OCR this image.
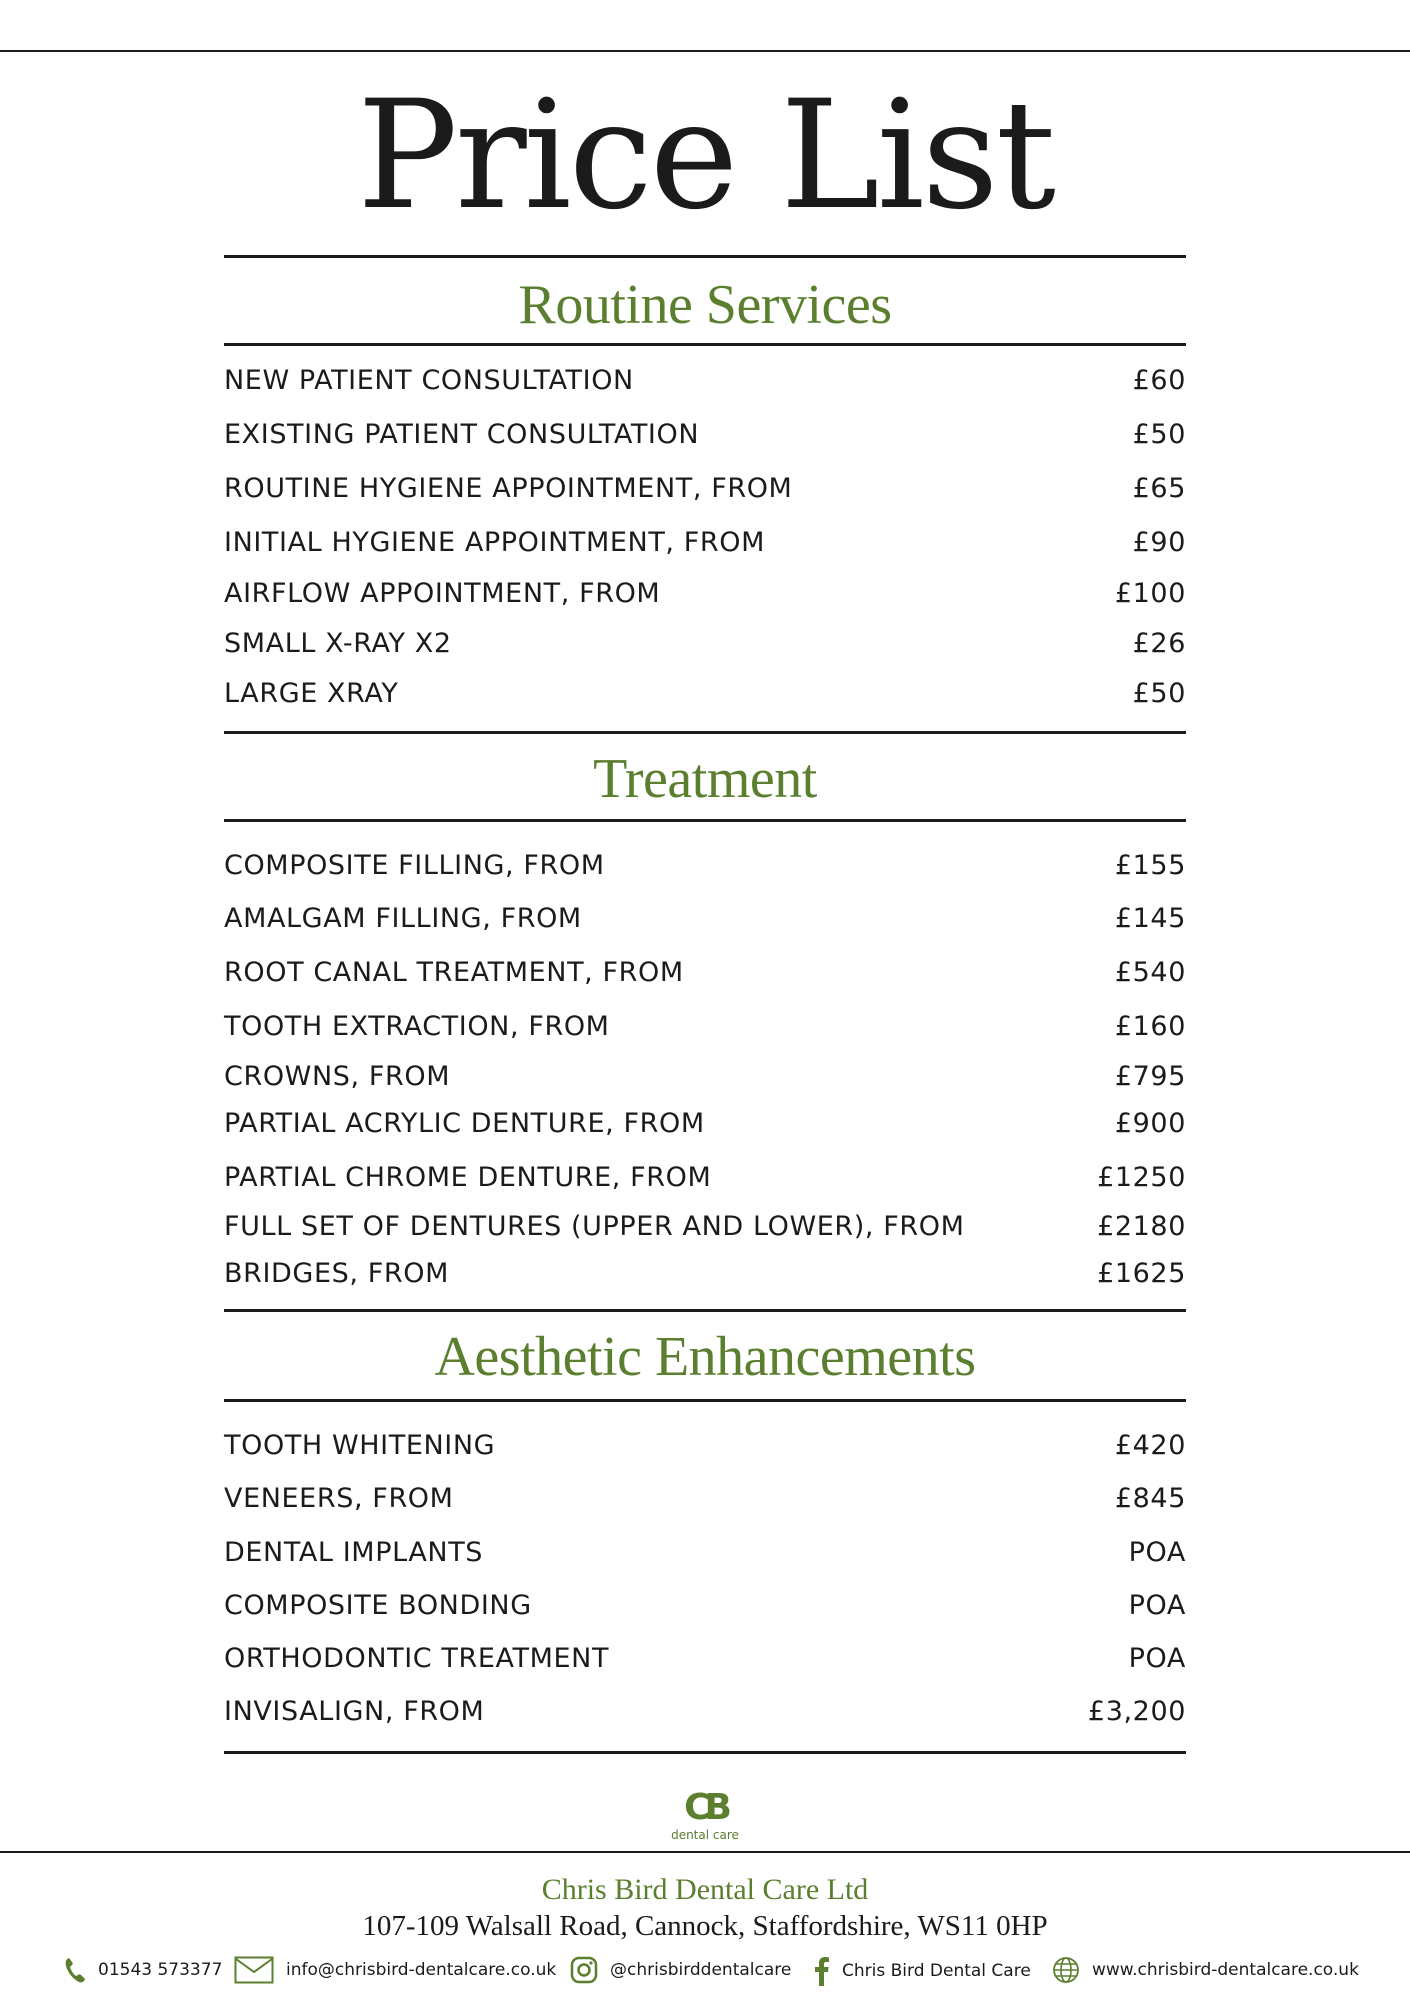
Price List
Routine Services
NEW PATIENT CONSULTATION	£60
EXISTING PATIENT CONSULTATION	£50
ROUTINE HYGIENE APPOINTMENT, FROM	£65
INITIAL HYGIENE APPOINTMENT, FROM	£90
AIRFLOW APPOINTMENT, FROM	£100
SMALL X-RAY X2	£26
LARGE XRAY	£50
Treatment
COMPOSITE FILLING, FROM	£155
AMALGAM FILLING, FROM	£145
ROOT CANAL TREATMENT, FROM	£540
TOOTH EXTRACTION, FROM	£160
CROWNS, FROM	£795
PARTIAL ACRYLIC DENTURE, FROM	£900
PARTIAL CHROME DENTURE, FROM	£1250
FULL SET OF DENTURES (UPPER AND LOWER), FROM	£2180
BRIDGES, FROM	£1625
Aesthetic Enhancements
TOOTH WHITENING	£420
VENEERS, FROM	£845
DENTAL IMPLANTS	POA
COMPOSITE BONDING	POA
ORTHODONTIC TREATMENT	POA
INVISALIGN, FROM	£3,200
CB
dental care
Chris Bird Dental Care Ltd
107-109 Walsall Road, Cannock, Staffordshire, WS11 0HP
01543 573377	info@chrisbird-dentalcare.co.uk	@chrisbirddentalcare	Chris Bird Dental Care	www.chrisbird-dentalcare.co.uk
